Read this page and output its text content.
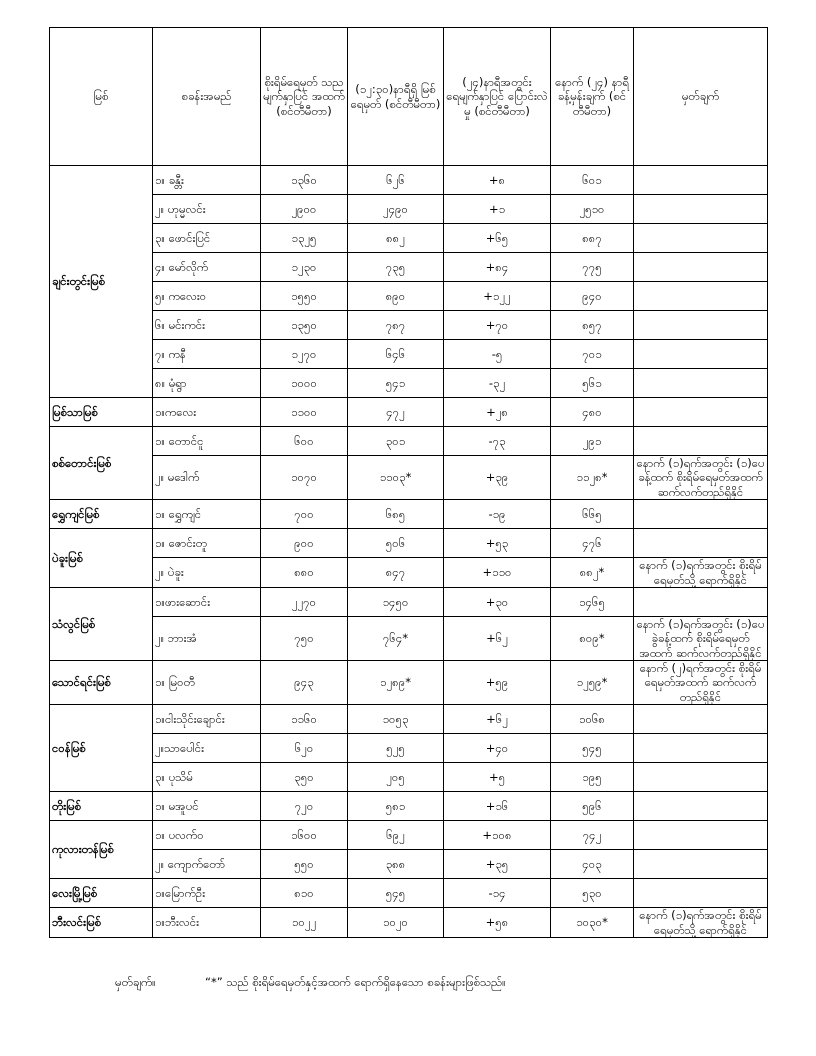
မြစ်	စခန်းအမည်	စိုးရိမ်ရေမှတ် သည မျက်နှာပြင် အထက် (စင်တီမီတာ)	(၁၂:၃၀)နာရီရှိ မြစ်ရေမှတ် (စင်တီမီတာ)	(၂၄)နာရီအတွင်း ရေမျက်နှာပြင် ပြောင်းလဲမှု (စင်တီမီတာ)	နောက် (၂၄) နာရီ ခန့်မှန်းချက် (စင်တီမီတာ)	မှတ်ချက်
ချင်းတွင်းမြစ်	၁။ ခန္တီး	၁၃၆၀	၆၂၆	+၈	၆၀၁	
	၂။ ဟုမ္မလင်း	၂၉၀၀	၂၄၉၀	+၁	၂၅၁၀	
	၃။ ဖောင်းပြင်	၁၃၂၅	၈၈၂	+၆၅	၈၈၇	
	၄။ မော်လိုက်	၁၂၃၀	၇၃၅	+၈၄	၇၇၅	
	၅။ ကလေးဝ	၁၅၅၀	၈၉၀	+၁၂၂	၉၄၀	
	၆။ မင်းကင်း	၁၃၅၀	၇၈၇	+၇၀	၈၅၇	
	၇။ ကနီ	၁၂၇၀	၆၄၆	-၅	၇၀၁	
	၈။ မုံရွာ	၁၀၀၀	၅၄၁	-၃၂	၅၆၁	
မြစ်သာမြစ်	၁။ကလေး	၁၁၀၀	၄၇၂	+၂၈	၄၈၀	
စစ်တောင်းမြစ်	၁။ တောင်ငူ	၆၀၀	၃၀၁	-၇၃	၂၉၁	
	၂။ မဒေါက်	၁၀၇၀	၁၁၀၃*	+၃၉	၁၁၂၈*	နောက် (၁)ရက်အတွင်း (၁)ပေခန့်ထက် စိုးရိမ်ရေမှတ်အထက် ဆက်လက်တည်ရှိနိုင်
ရွှေကျင်မြစ်	၁။ ရွှေကျင်	၇၀၀	၆၈၅	-၁၉	၆၆၅	
ပဲခူးမြစ်	၁။ ဇောင်းတူ	၉၀၀	၅၀၆	+၅၃	၄၇၆	
	၂။ ပဲခူး	၈၈၀	၈၄၇	+၁၁၀	၈၈၂*	နောက် (၁)ရက်အတွင်း စိုးရိမ်ရေမှတ်သို့ ရောက်ရှိနိုင်
သံလွင်မြစ်	၁။ဖားဆောင်း	၂၂၇၀	၁၄၅၀	+၃၀	၁၄၆၅	
	၂။ ဘားအံ	၇၅၀	၇၆၄*	+၆၂	၈၀၉*	နောက် (၁)ရက်အတွင်း (၁)ပေခွဲခန့်ထက် စိုးရိမ်ရေမှတ်အထက် ဆက်လက်တည်ရှိနိုင်
သောင်ရင်းမြစ်	၁။ မြဝတီ	၉၄၃	၁၂၈၉*	+၅၉	၁၂၅၉*	နောက် (၂)ရက်အတွင်း စိုးရိမ်ရေမှတ်အထက် ဆက်လက်တည်ရှိနိုင်
ငဝန်မြစ်	၁။ငါးသိုင်းချောင်း	၁၁၆၀	၁၀၅၃	+၆၂	၁၀၆၈	
	၂။သာပေါင်း	၆၂၀	၅၂၅	+၄၀	၅၄၅	
	၃။ ပုသိမ်	၃၅၀	၂၀၅	+၅	၁၉၅	
တိုးမြစ်	၁။ မအူပင်	၇၂၀	၅၈၁	+၁၆	၅၉၆	
ကုလားတန်မြစ်	၁။ ပလက်ဝ	၁၆၀၀	၆၉၂	+၁၀၈	၇၄၂	
	၂။ ကျောက်တော်	၅၅၀	၃၈၈	+၃၅	၄၀၃	
လေးမြို့မြစ်	၁။မြောက်ဦး	၈၁၀	၅၄၅	-၁၄	၅၃၀	
ဘီးလင်းမြစ်	၁။ဘီးလင်း	၁၀၂၂	၁၀၂၀	+၅၈	၁၀၃၀*	နောက် (၁)ရက်အတွင်း စိုးရိမ်ရေမှတ်သို့ ရောက်ရှိနိုင်
မှတ်ချက်။	“*” သည် စိုးရိမ်ရေမှတ်နှင့်အထက် ရောက်ရှိနေသော စခန်းများဖြစ်သည်။
